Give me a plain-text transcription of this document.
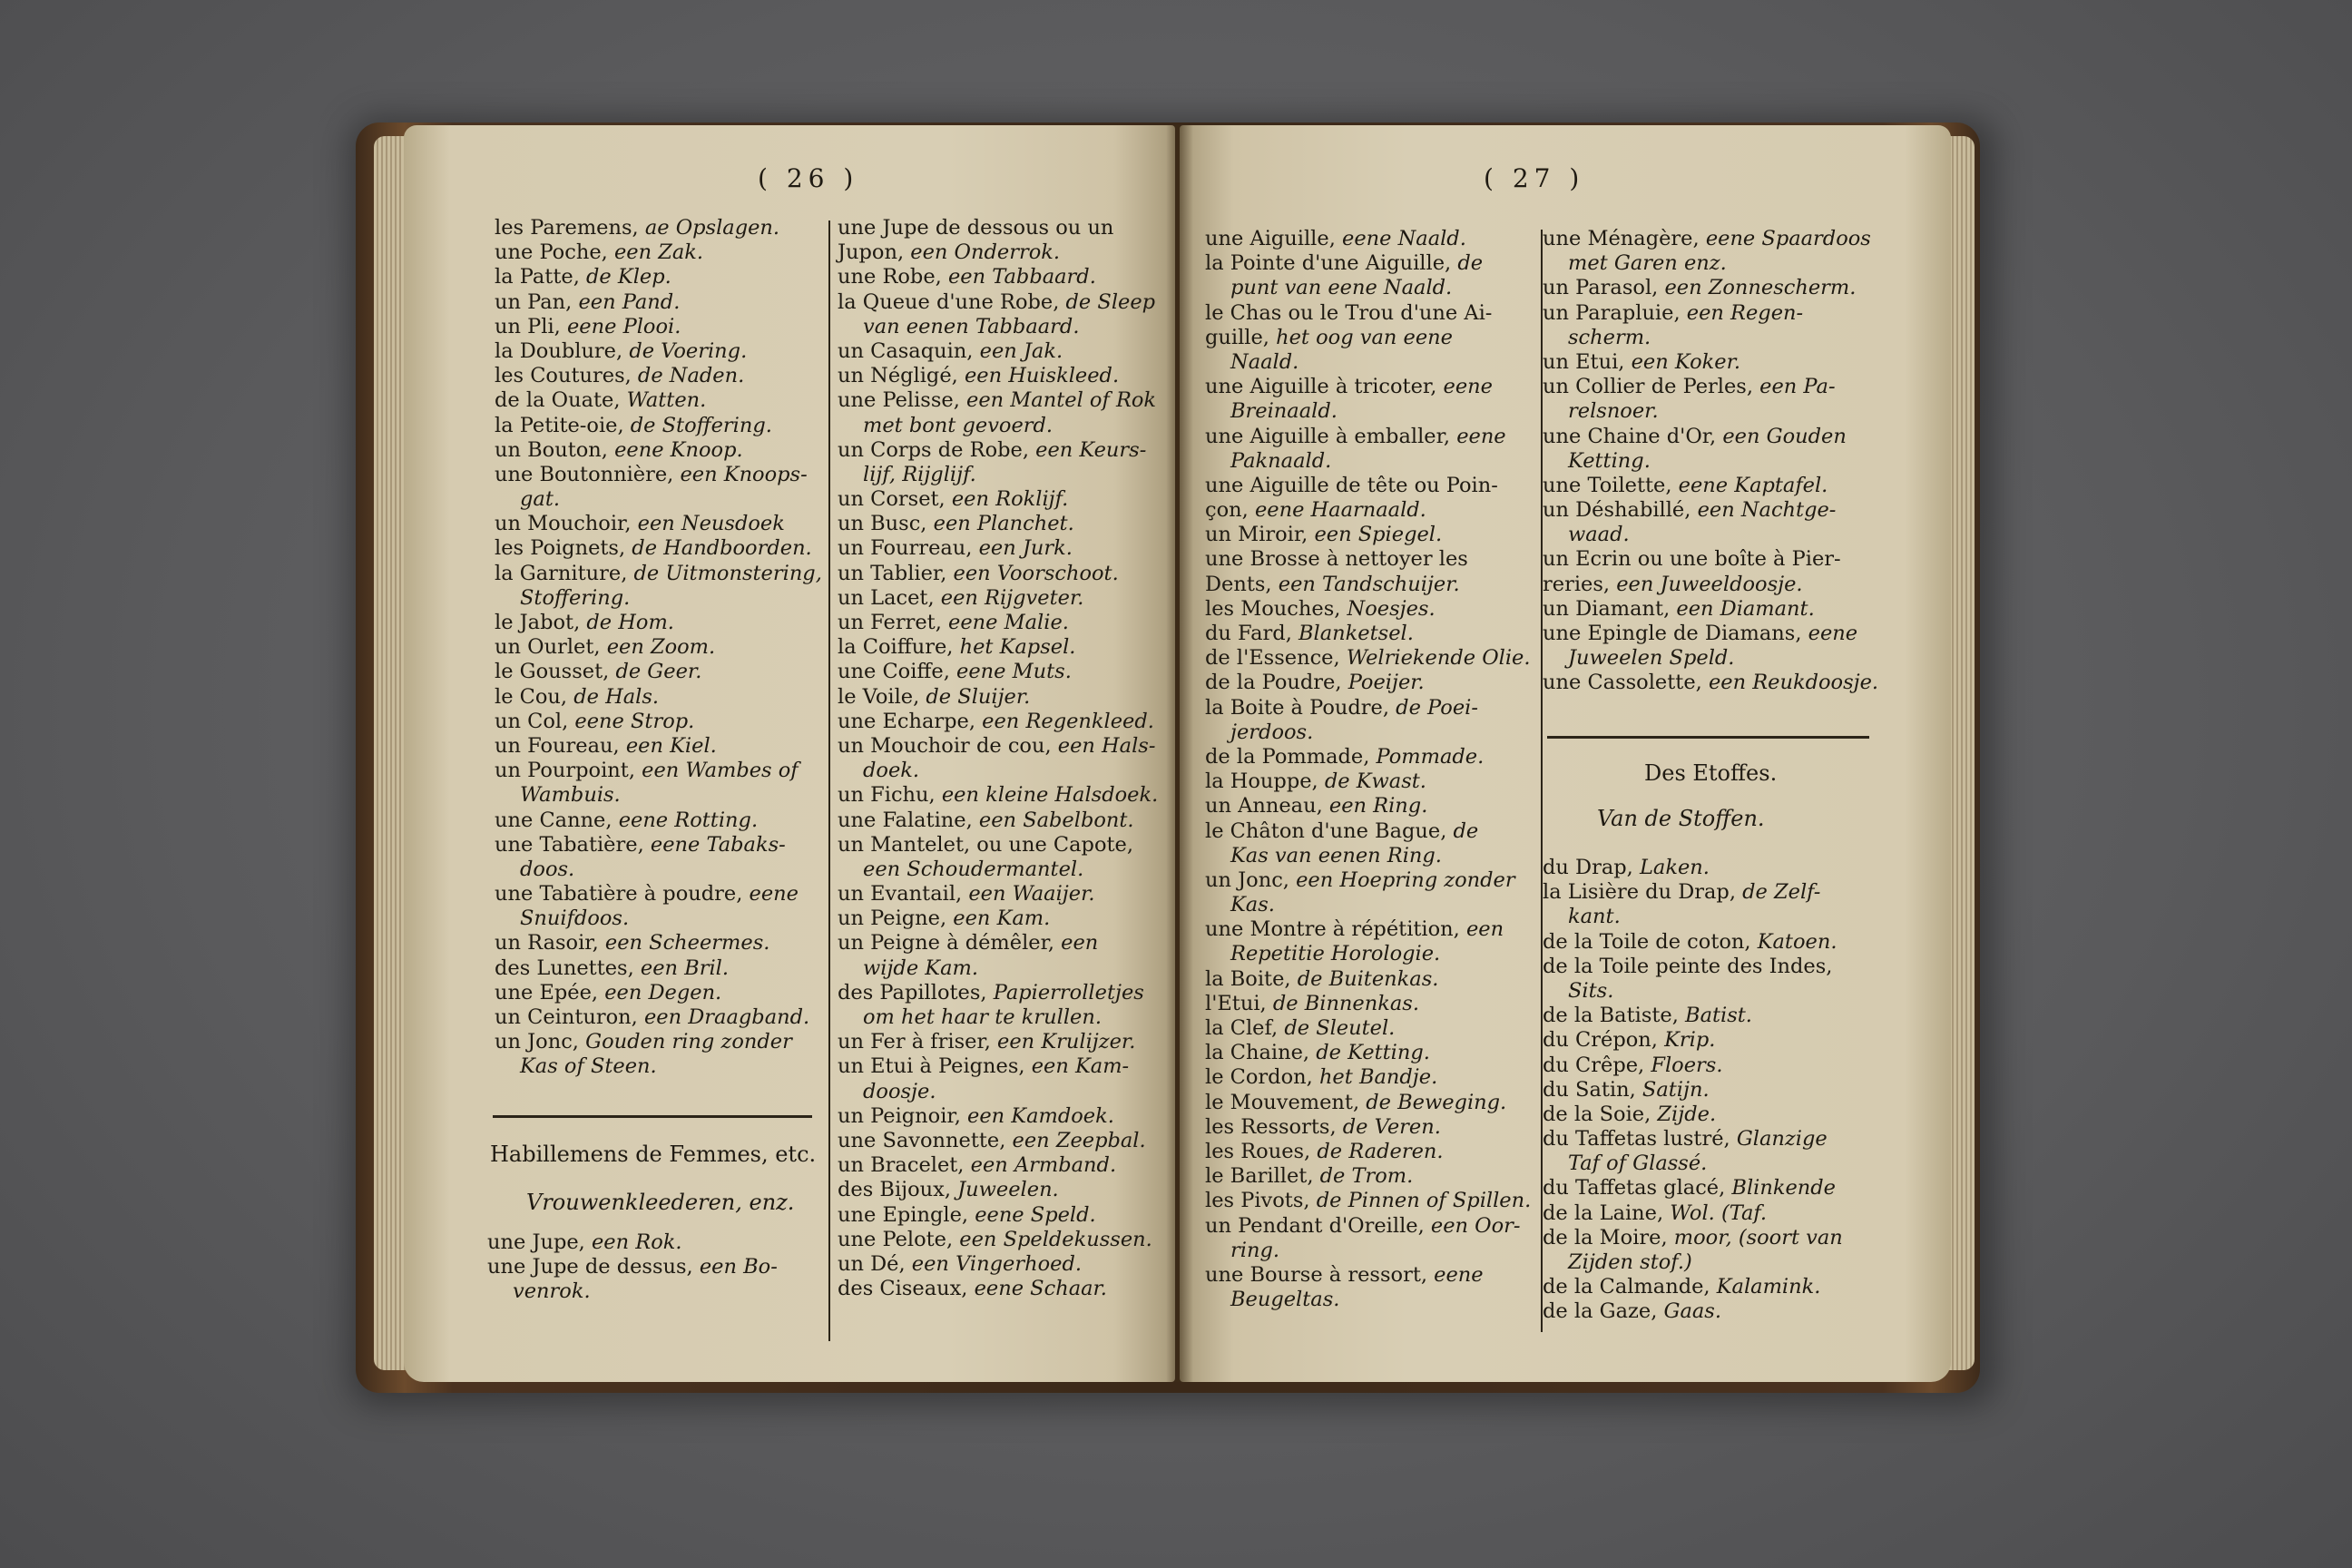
( 26 )
les Paremens, ae Opslagen.
une Poche, een Zak.
la Patte, de Klep.
un Pan, een Pand.
un Pli, eene Plooi.
la Doublure, de Voering.
les Coutures, de Naden.
de la Ouate, Watten.
la Petite-oie, de Stoffering.
un Bouton, eene Knoop.
une Boutonnière, een Knoops-
gat.
un Mouchoir, een Neusdoek
les Poignets, de Handboorden.
la Garniture, de Uitmonstering,
Stoffering.
le Jabot, de Hom.
un Ourlet, een Zoom.
le Gousset, de Geer.
le Cou, de Hals.
un Col, eene Strop.
un Foureau, een Kiel.
un Pourpoint, een Wambes of
Wambuis.
une Canne, eene Rotting.
une Tabatière, eene Tabaks-
doos.
une Tabatière à poudre, eene
Snuifdoos.
un Rasoir, een Scheermes.
des Lunettes, een Bril.
une Epée, een Degen.
un Ceinturon, een Draagband.
un Jonc, Gouden ring zonder
Kas of Steen.
Habillemens de Femmes, etc.
Vrouwenkleederen, enz.
une Jupe, een Rok.
une Jupe de dessus, een Bo-
venrok.
une Jupe de dessous ou un
Jupon, een Onderrok.
une Robe, een Tabbaard.
la Queue d'une Robe, de Sleep
van eenen Tabbaard.
un Casaquin, een Jak.
un Négligé, een Huiskleed.
une Pelisse, een Mantel of Rok
met bont gevoerd.
un Corps de Robe, een Keurs-
lijf, Rijglijf.
un Corset, een Roklijf.
un Busc, een Planchet.
un Fourreau, een Jurk.
un Tablier, een Voorschoot.
un Lacet, een Rijgveter.
un Ferret, eene Malie.
la Coiffure, het Kapsel.
une Coiffe, eene Muts.
le Voile, de Sluijer.
une Echarpe, een Regenkleed.
un Mouchoir de cou, een Hals-
doek.
un Fichu, een kleine Halsdoek.
une Falatine, een Sabelbont.
un Mantelet, ou une Capote,
een Schoudermantel.
un Evantail, een Waaijer.
un Peigne, een Kam.
un Peigne à démêler, een
wijde Kam.
des Papillotes, Papierrolletjes
om het haar te krullen.
un Fer à friser, een Krulijzer.
un Etui à Peignes, een Kam-
doosje.
un Peignoir, een Kamdoek.
une Savonnette, een Zeepbal.
un Bracelet, een Armband.
des Bijoux, Juweelen.
une Epingle, eene Speld.
une Pelote, een Speldekussen.
un Dé, een Vingerhoed.
des Ciseaux, eene Schaar.
( 27 )
une Aiguille, eene Naald.
la Pointe d'une Aiguille, de
punt van eene Naald.
le Chas ou le Trou d'une Ai-
guille, het oog van eene
Naald.
une Aiguille à tricoter, eene
Breinaald.
une Aiguille à emballer, eene
Paknaald.
une Aiguille de tête ou Poin-
çon, eene Haarnaald.
un Miroir, een Spiegel.
une Brosse à nettoyer les
Dents, een Tandschuijer.
les Mouches, Noesjes.
du Fard, Blanketsel.
de l'Essence, Welriekende Olie.
de la Poudre, Poeijer.
la Boite à Poudre, de Poei-
jerdoos.
de la Pommade, Pommade.
la Houppe, de Kwast.
un Anneau, een Ring.
le Châton d'une Bague, de
Kas van eenen Ring.
un Jonc, een Hoepring zonder
Kas.
une Montre à répétition, een
Repetitie Horologie.
la Boite, de Buitenkas.
l'Etui, de Binnenkas.
la Clef, de Sleutel.
la Chaine, de Ketting.
le Cordon, het Bandje.
le Mouvement, de Beweging.
les Ressorts, de Veren.
les Roues, de Raderen.
le Barillet, de Trom.
les Pivots, de Pinnen of Spillen.
un Pendant d'Oreille, een Oor-
ring.
une Bourse à ressort, eene
Beugeltas.
une Ménagère, eene Spaardoos
met Garen enz.
un Parasol, een Zonnescherm.
un Parapluie, een Regen-
scherm.
un Etui, een Koker.
un Collier de Perles, een Pa-
relsnoer.
une Chaine d'Or, een Gouden
Ketting.
une Toilette, eene Kaptafel.
un Déshabillé, een Nachtge-
waad.
un Ecrin ou une boîte à Pier-
reries, een Juweeldoosje.
un Diamant, een Diamant.
une Epingle de Diamans, eene
Juweelen Speld.
une Cassolette, een Reukdoosje.
Des Etoffes.
Van de Stoffen.
du Drap, Laken.
la Lisière du Drap, de Zelf-
kant.
de la Toile de coton, Katoen.
de la Toile peinte des Indes,
Sits.
de la Batiste, Batist.
du Crépon, Krip.
du Crêpe, Floers.
du Satin, Satijn.
de la Soie, Zijde.
du Taffetas lustré, Glanzige
Taf of Glassé.
du Taffetas glacé, Blinkende
de la Laine, Wol. (Taf.
de la Moire, moor, (soort van
Zijden stof.)
de la Calmande, Kalamink.
de la Gaze, Gaas.
